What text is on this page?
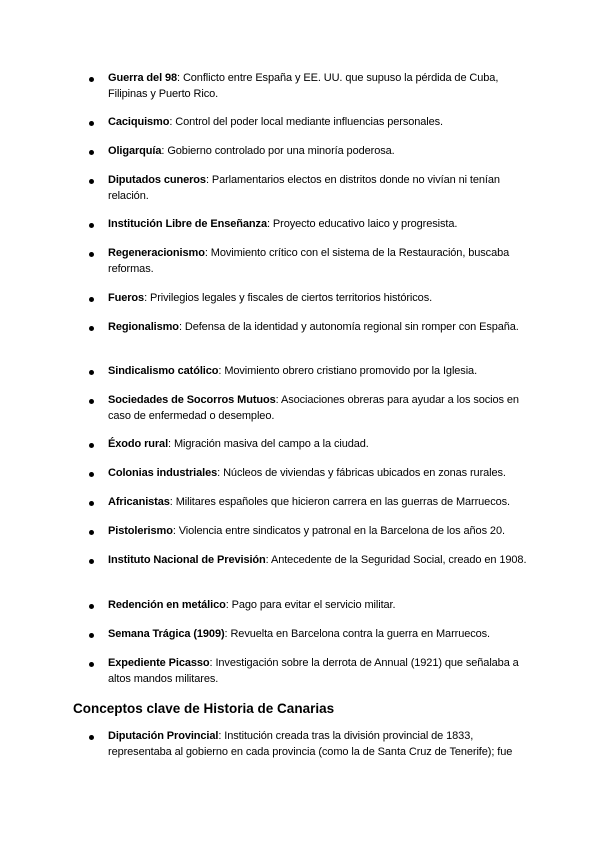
Guerra del 98: Conflicto entre España y EE. UU. que supuso la pérdida de Cuba, Filipinas y Puerto Rico.
Caciquismo: Control del poder local mediante influencias personales.
Oligarquía: Gobierno controlado por una minoría poderosa.
Diputados cuneros: Parlamentarios electos en distritos donde no vivían ni tenían relación.
Institución Libre de Enseñanza: Proyecto educativo laico y progresista.
Regeneracionismo: Movimiento crítico con el sistema de la Restauración, buscaba reformas.
Fueros: Privilegios legales y fiscales de ciertos territorios históricos.
Regionalismo: Defensa de la identidad y autonomía regional sin romper con España.
Sindicalismo católico: Movimiento obrero cristiano promovido por la Iglesia.
Sociedades de Socorros Mutuos: Asociaciones obreras para ayudar a los socios en caso de enfermedad o desempleo.
Éxodo rural: Migración masiva del campo a la ciudad.
Colonias industriales: Núcleos de viviendas y fábricas ubicados en zonas rurales.
Africanistas: Militares españoles que hicieron carrera en las guerras de Marruecos.
Pistolerismo: Violencia entre sindicatos y patronal en la Barcelona de los años 20.
Instituto Nacional de Previsión: Antecedente de la Seguridad Social, creado en 1908.
Redención en metálico: Pago para evitar el servicio militar.
Semana Trágica (1909): Revuelta en Barcelona contra la guerra en Marruecos.
Expediente Picasso: Investigación sobre la derrota de Annual (1921) que señalaba a altos mandos militares.
Conceptos clave de Historia de Canarias
Diputación Provincial: Institución creada tras la división provincial de 1833, representaba al gobierno en cada provincia (como la de Santa Cruz de Tenerife); fue
